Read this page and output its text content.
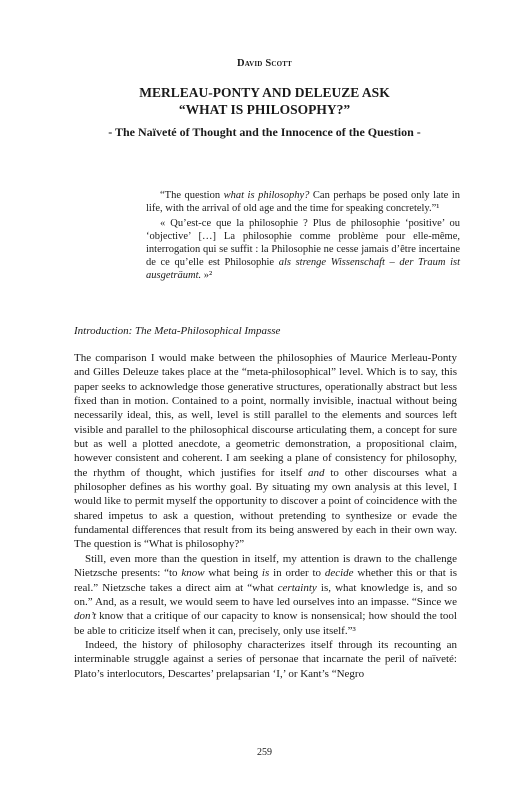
David Scott
MERLEAU-PONTY AND DELEUZE ASK
“WHAT IS PHILOSOPHY?”
- The Naïveté of Thought and the Innocence of the Question -

“The question what is philosophy? Can perhaps be posed only late in life, with the arrival of old age and the time for speaking concretely.”¹

« Qu’est-ce que la philosophie ? Plus de philosophie ‘positive’ ou ‘objective’ […] La philosophie comme problème pour elle-même, interrogation qui se suffit : la Philosophie ne cesse jamais d’être incertaine de ce qu’elle est Philosophie als strenge Wissenschaft – der Traum ist ausgeträumt. »²

Introduction: The Meta-Philosophical Impasse

The comparison I would make between the philosophies of Maurice Merleau-Ponty and Gilles Deleuze takes place at the “meta-philosophical” level. Which is to say, this paper seeks to acknowledge those generative structures, operationally abstract but less fixed than in motion. Contained to a point, normally invisible, inactual without being necessarily ideal, this, as well, level is still parallel to the elements and sources left visible and parallel to the philosophical discourse articulating them, a concept for sure but as well a plotted anecdote, a geometric demonstration, a propositional claim, however consistent and coherent. I am seeking a plane of consistency for philosophy, the rhythm of thought, which justifies for itself and to other discourses what a philosopher defines as his worthy goal. By situating my own analysis at this level, I would like to permit myself the opportunity to discover a point of coincidence with the shared impetus to ask a question, without pretending to synthesize or evade the fundamental differences that result from its being answered by each in their own way. The question is “What is philosophy?”

Still, even more than the question in itself, my attention is drawn to the challenge Nietzsche presents: “to know what being is in order to decide whether this or that is real.” Nietzsche takes a direct aim at “what certainty is, what knowledge is, and so on.” And, as a result, we would seem to have led ourselves into an impasse. “Since we don’t know that a critique of our capacity to know is nonsensical; how should the tool be able to criticize itself when it can, precisely, only use itself.”³

Indeed, the history of philosophy characterizes itself through its recounting an interminable struggle against a series of personae that incarnate the peril of naïveté: Plato’s interlocutors, Descartes’ prelapsarian ‘I,’ or Kant’s “Negro

259
